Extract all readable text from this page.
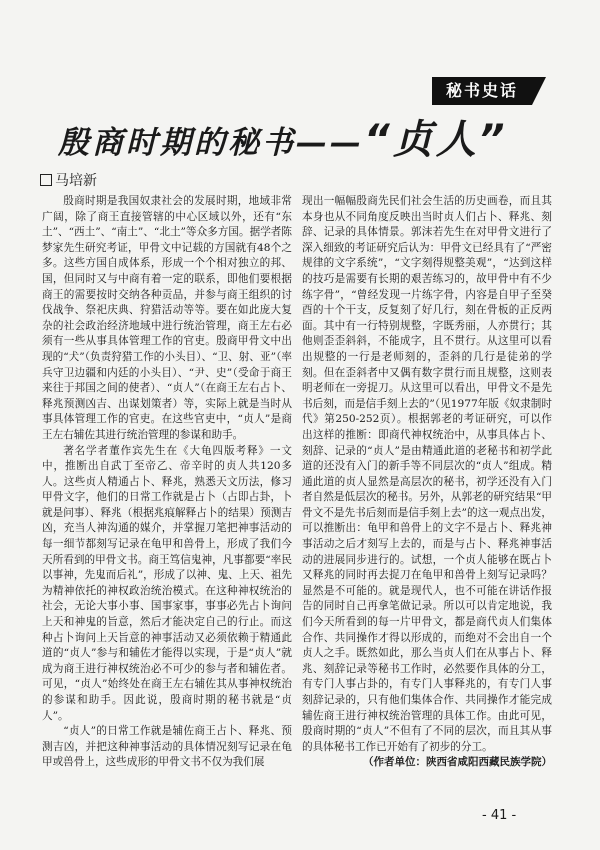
秘书史话
殷商时期的秘书——“贞人”
马培新

殷商时期是我国奴隶社会的发展时期，地域非常广阔，除了商王直接管辖的中心区域以外，还有“东土”、“西土”、“南土”、“北土”等众多方国。据学者陈梦家先生研究考证，甲骨文中记载的方国就有48个之多。这些方国自成体系，形成一个个相对独立的邦、国，但同时又与中商有着一定的联系，即他们要根据商王的需要按时交纳各种贡品，并参与商王组织的讨伐战争、祭祀庆典、狩猎活动等等。要在如此庞大复杂的社会政治经济地域中进行统治管理，商王左右必须有一些从事具体管理工作的官吏。殷商甲骨文中出现的“犬”（负责狩猎工作的小头目）、“卫、射、亚”（率兵守卫边疆和内廷的小头目）、“尹、史”（受命于商王来往于邦国之间的使者）、“贞人”（在商王左右占卜、释兆预测凶吉、出谋划策者）等，实际上就是当时从事具体管理工作的官吏。在这些官吏中，“贞人”是商王左右辅佐其进行统治管理的参谋和助手。

著名学者董作宾先生在《大龟四版考释》一文中，推断出自武丁至帝乙、帝辛时的贞人共120多人。这些贞人精通占卜、释兆，熟悉天文历法，修习甲骨文字，他们的日常工作就是占卜（占即占卦，卜就是问事）、释兆（根据兆痕解释占卜的结果）预测吉凶，充当人神沟通的媒介，并掌握刀笔把神事活动的每一细节都刻写记录在龟甲和兽骨上，形成了我们今天所看到的甲骨文书。商王笃信鬼神，凡事都要“率民以事神，先鬼而后礼”，形成了以神、鬼、上天、祖先为精神依托的神权政治统治模式。在这种神权统治的社会，无论大事小事、国事家事，事事必先占卜询问上天和神鬼的旨意，然后才能决定自己的行止。而这种占卜询问上天旨意的神事活动又必须依赖于精通此道的“贞人”参与和辅佐才能得以实现，于是“贞人”就成为商王进行神权统治必不可少的参与者和辅佐者。可见，“贞人”始终处在商王左右辅佐其从事神权统治的参谋和助手。因此说，殷商时期的秘书就是“贞人”。

“贞人”的日常工作就是辅佐商王占卜、释兆、预测吉凶，并把这种神事活动的具体情况刻写记录在龟甲或兽骨上，这些成形的甲骨文书不仅为我们展

现出一幅幅殷商先民们社会生活的历史画卷，而且其本身也从不同角度反映出当时贞人们占卜、释兆、刻辞、记录的具体情景。郭沫若先生在对甲骨文进行了深入细致的考证研究后认为：甲骨文已经具有了“严密规律的文字系统”，“文字刻得规整美观”，“达到这样的技巧是需要有长期的艰苦练习的，故甲骨中有不少练字骨”，“曾经发现一片练字骨，内容是自甲子至癸酉的十个干支，反复刻了好几行，刻在骨板的正反两面。其中有一行特别规整，字既秀丽，人亦贯行；其他则歪歪斜斜，不能成字，且不贯行。从这里可以看出规整的一行是老师刻的，歪斜的几行是徒弟的学刻。但在歪斜者中又偶有数字贯行而且规整，这则表明老师在一旁捉刀。从这里可以看出，甲骨文不是先书后刻，而是信手刻上去的”（见1977年版《奴隶制时代》第250-252页）。根据郭老的考证研究，可以作出这样的推断：即商代神权统治中，从事具体占卜、刻辞、记录的“贞人”是由精通此道的老秘书和初学此道的还没有入门的新手等不同层次的“贞人”组成。精通此道的贞人显然是高层次的秘书，初学还没有入门者自然是低层次的秘书。另外，从郭老的研究结果“甲骨文不是先书后刻而是信手刻上去”的这一观点出发，可以推断出：龟甲和兽骨上的文字不是占卜、释兆神事活动之后才刻写上去的，而是与占卜、释兆神事活动的进展同步进行的。试想，一个贞人能够在既占卜又释兆的同时再去捉刀在龟甲和兽骨上刻写记录吗？显然是不可能的。就是现代人，也不可能在讲话作报告的同时自己再拿笔做记录。所以可以肯定地说，我们今天所看到的每一片甲骨文，都是商代贞人们集体合作、共同操作才得以形成的，而绝对不会出自一个贞人之手。既然如此，那么当贞人们在从事占卜、释兆、刻辞记录等秘书工作时，必然要作具体的分工，有专门人事占卦的，有专门人事释兆的，有专门人事刻辞记录的，只有他们集体合作、共同操作才能完成辅佐商王进行神权统治管理的具体工作。由此可见，殷商时期的“贞人”不但有了不同的层次，而且其从事的具体秘书工作已开始有了初步的分工。

（作者单位：陕西省咸阳西藏民族学院）

- 41 -
